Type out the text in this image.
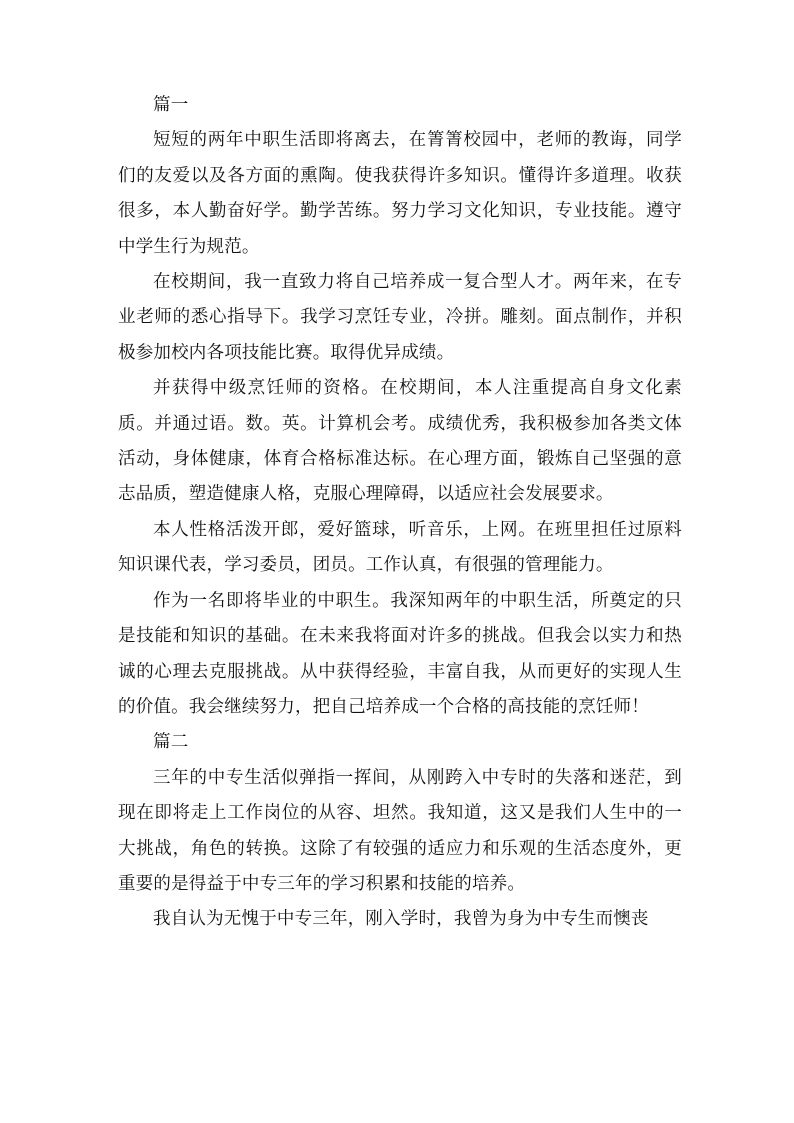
篇一

短短的两年中职生活即将离去，在箐箐校园中，老师的教诲，同学们的友爱以及各方面的熏陶。使我获得许多知识。懂得许多道理。收获很多，本人勤奋好学。勤学苦练。努力学习文化知识，专业技能。遵守中学生行为规范。

在校期间，我一直致力将自己培养成一复合型人才。两年来，在专业老师的悉心指导下。我学习烹饪专业，冷拼。雕刻。面点制作，并积极参加校内各项技能比赛。取得优异成绩。

并获得中级烹饪师的资格。在校期间，本人注重提高自身文化素质。并通过语。数。英。计算机会考。成绩优秀，我积极参加各类文体活动，身体健康，体育合格标准达标。在心理方面，锻炼自己坚强的意志品质，塑造健康人格，克服心理障碍，以适应社会发展要求。

本人性格活泼开郎，爱好篮球，听音乐，上网。在班里担任过原料知识课代表，学习委员，团员。工作认真，有很强的管理能力。

作为一名即将毕业的中职生。我深知两年的中职生活，所奠定的只是技能和知识的基础。在未来我将面对许多的挑战。但我会以实力和热诚的心理去克服挑战。从中获得经验，丰富自我，从而更好的实现人生的价值。我会继续努力，把自己培养成一个合格的高技能的烹饪师！

篇二

三年的中专生活似弹指一挥间，从刚跨入中专时的失落和迷茫，到现在即将走上工作岗位的从容、坦然。我知道，这又是我们人生中的一大挑战，角色的转换。这除了有较强的适应力和乐观的生活态度外，更重要的是得益于中专三年的学习积累和技能的培养。

我自认为无愧于中专三年，刚入学时，我曾为身为中专生而懊丧
